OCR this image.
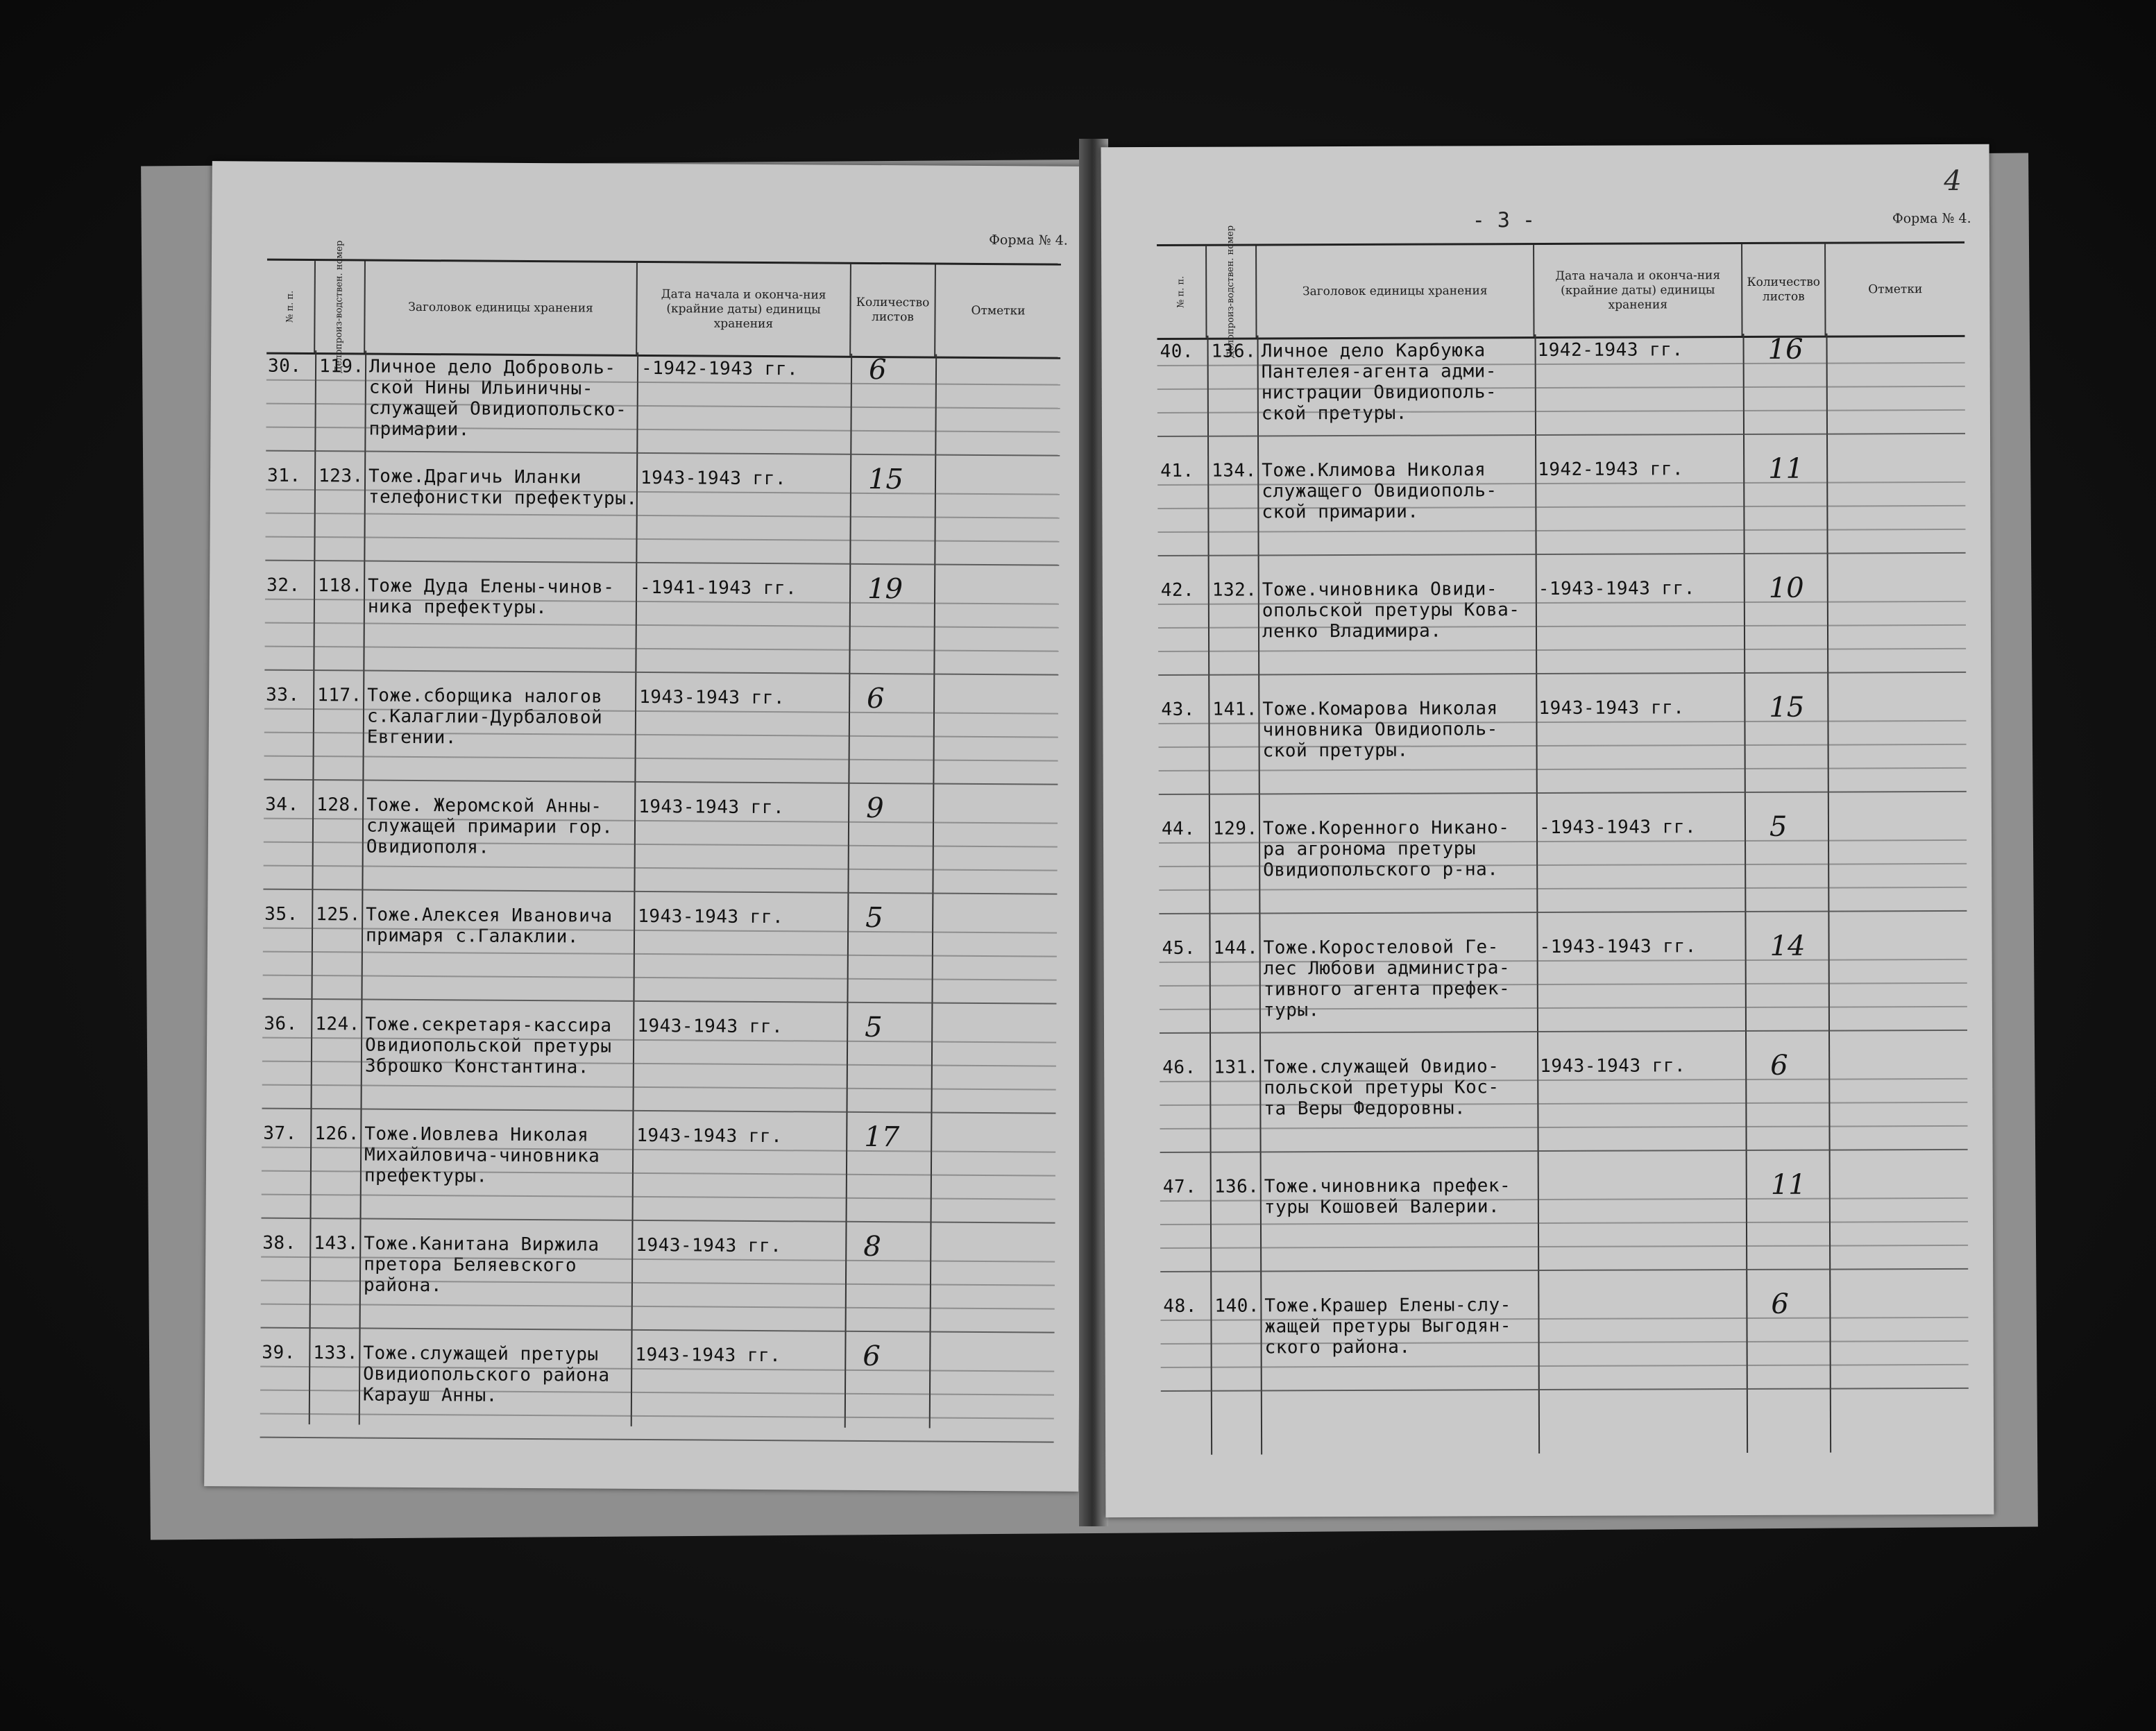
Форма № 4.
№ п. п.	Делопроиз-водствен. номер	Заголовок единицы хранения
Дата начала и оконча-ния (крайние даты) единицы хранения
Количество листов	Отметки
30. 119. Личное дело Доброволь-
ской Нины Ильиничны-
служащей Овидиопольско-
примарии.
-1942-1943 гг.	6
31. 123. Тоже.Драгичь Иланки
телефонистки префектуры.
1943-1943 гг.	15
32. 118. Тоже Дуда Елены-чинов-
ника префектуры.
-1941-1943 гг.	19
33. 117. Тоже.сборщика налогов
с.Калаглии-Дурбаловой
Евгении.
1943-1943 гг.	6
34. 128. Тоже. Жеромской Анны-
служащей примарии гор.
Овидиополя.
1943-1943 гг.	9
35. 125. Тоже.Алексея Ивановича
примаря с.Галаклии.
1943-1943 гг.	5
36. 124. Тоже.секретаря-кассира
Овидиопольской претуры
Зброшко Константина.
1943-1943 гг.	5
37. 126. Тоже.Иовлева Николая
Михайловича-чиновника
префектуры.
1943-1943 гг.	17
38. 143. Тоже.Канитана Виржила
претора Беляевского
района.
1943-1943 гг.	8
39. 133. Тоже.служащей претуры
Овидиопольского района
Карауш Анны.
1943-1943 гг.	6
- 3 -
4
Форма № 4.
№ п. п.	Делопроиз-водствен. номер	Заголовок единицы хранения
Дата начала и оконча-ния (крайние даты) единицы хранения
Количество листов
Отметки
40. 136. Личное дело Карбуюка
Пантелея-агента адми-
нистрации Овидиополь-
ской претуры.
1942-1943 гг.	16
41. 134. Тоже.Климова Николая
служащего Овидиополь-
ской примарии.
1942-1943 гг.	11
42. 132. Тоже.чиновника Овиди-
опольской претуры Кова-
ленко Владимира.
-1943-1943 гг.	10
43. 141. Тоже.Комарова Николая
чиновника Овидиополь-
ской претуры.
1943-1943 гг.	15
44. 129. Тоже.Коренного Никано-
ра агронома претуры
Овидиопольского р-на.
-1943-1943 гг.	5
45. 144. Тоже.Коростеловой Ге-
лес Любови администра-
тивного агента префек-
туры.
-1943-1943 гг.	14
46. 131. Тоже.служащей Овидио-
польской претуры Кос-
та Веры Федоровны.
1943-1943 гг.	6
47. 136. Тоже.чиновника префек-
туры Кошовей Валерии.
11
48. 140. Тоже.Крашер Елены-слу-
жащей претуры Выгодян-
ского района.
6
